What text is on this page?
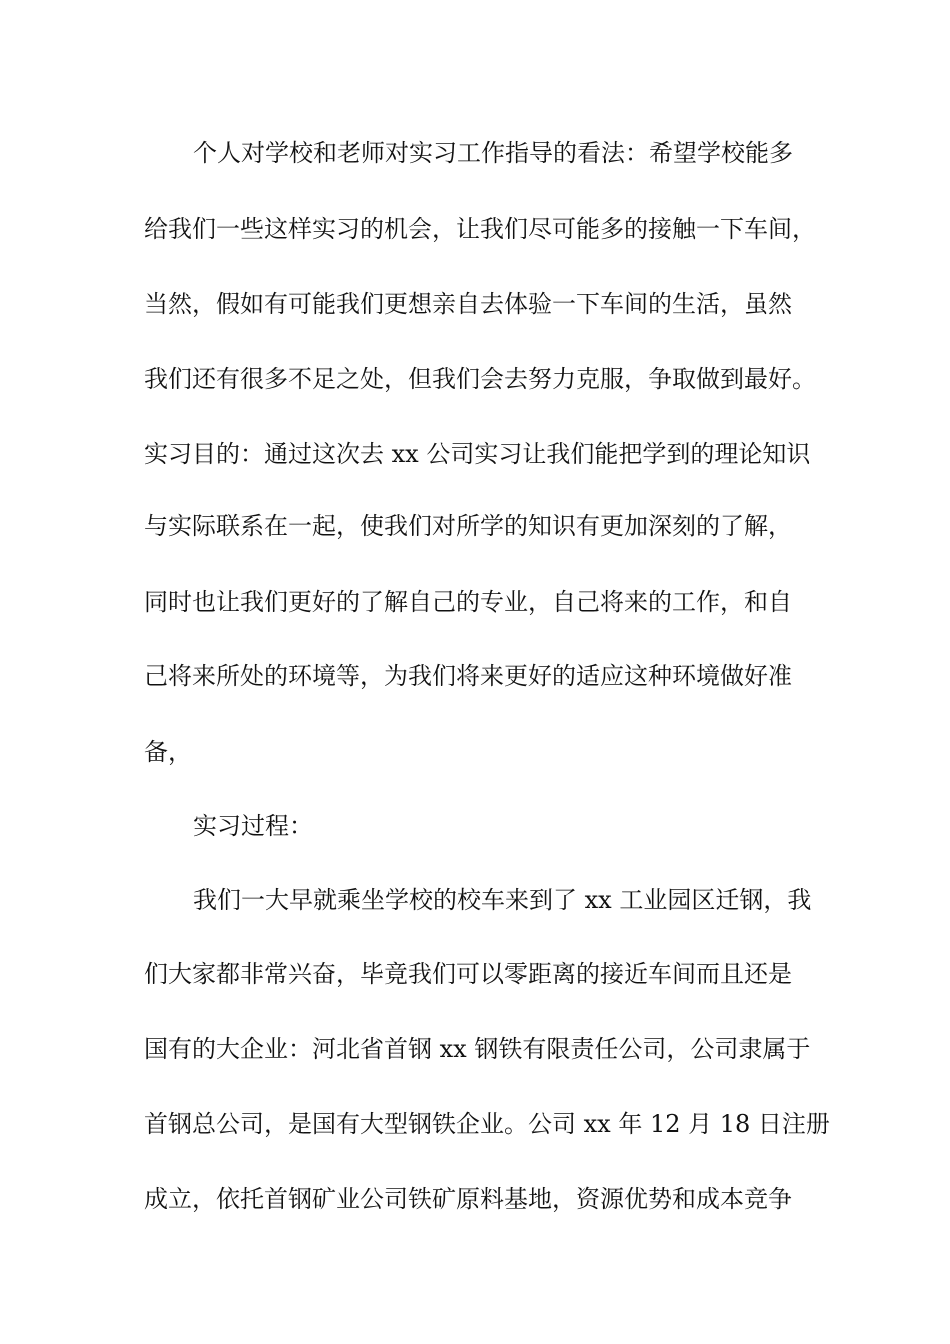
个人对学校和老师对实习工作指导的看法：希望学校能多
给我们一些这样实习的机会，让我们尽可能多的接触一下车间，
当然，假如有可能我们更想亲自去体验一下车间的生活，虽然
我们还有很多不足之处，但我们会去努力克服，争取做到最好。
实习目的：通过这次去 xx 公司实习让我们能把学到的理论知识
与实际联系在一起，使我们对所学的知识有更加深刻的了解，
同时也让我们更好的了解自己的专业，自己将来的工作，和自
己将来所处的环境等，为我们将来更好的适应这种环境做好准
备，
实习过程：
我们一大早就乘坐学校的校车来到了 xx 工业园区迁钢，我
们大家都非常兴奋，毕竟我们可以零距离的接近车间而且还是
国有的大企业：河北省首钢 xx 钢铁有限责任公司，公司隶属于
首钢总公司，是国有大型钢铁企业。公司 xx 年 12 月 18 日注册
成立，依托首钢矿业公司铁矿原料基地，资源优势和成本竞争
